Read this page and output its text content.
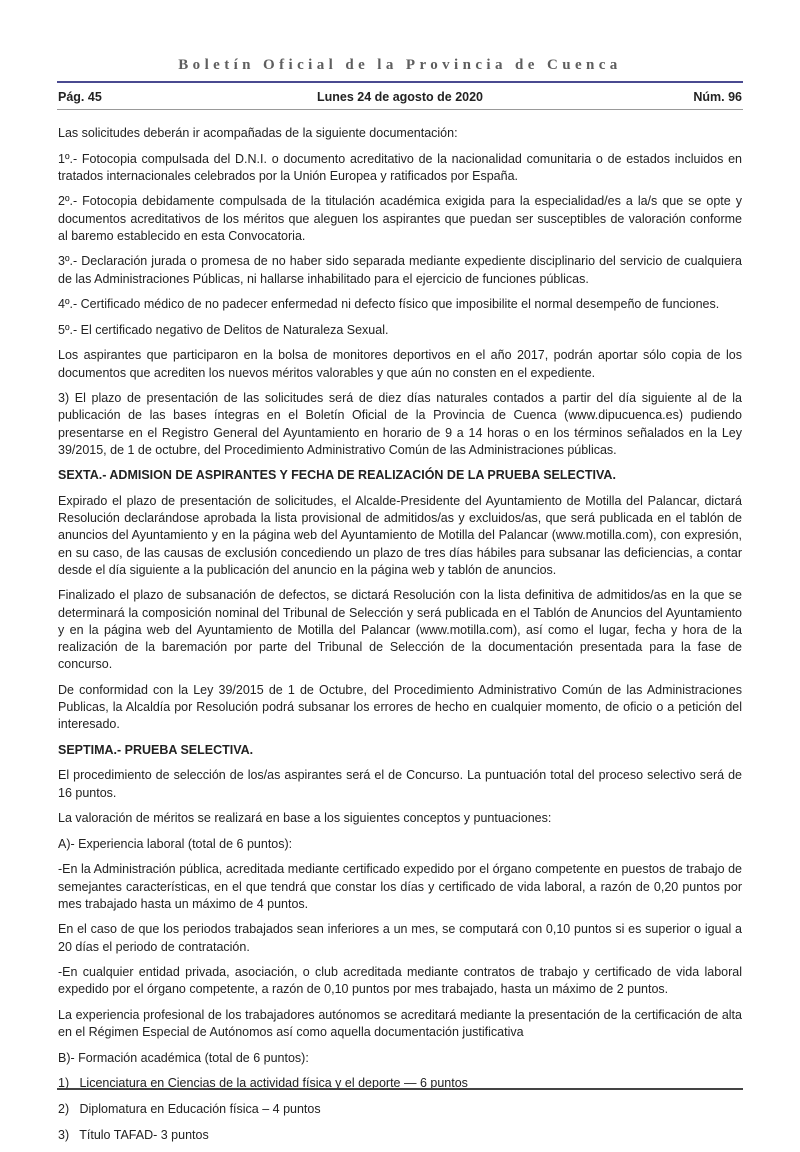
Boletín Oficial de la Provincia de Cuenca
Pág. 45	Lunes 24 de agosto de 2020	Núm. 96

Las solicitudes deberán ir acompañadas de la siguiente documentación:

1º.- Fotocopia compulsada del D.N.I. o documento acreditativo de la nacionalidad comunitaria o de estados incluidos en tratados internacionales celebrados por la Unión Europea y ratificados por España.

2º.- Fotocopia debidamente compulsada de la titulación académica exigida para la especialidad/es a la/s que se opte y documentos acreditativos de los méritos que aleguen los aspirantes que puedan ser susceptibles de valoración conforme al baremo establecido en esta Convocatoria.

3º.- Declaración jurada o promesa de no haber sido separada mediante expediente disciplinario del servicio de cualquiera de las Administraciones Públicas, ni hallarse inhabilitado para el ejercicio de funciones públicas.

4º.- Certificado médico de no padecer enfermedad ni defecto físico que imposibilite el normal desempeño de funciones.

5º.- El certificado negativo de Delitos de Naturaleza Sexual.

Los aspirantes que participaron en la bolsa de monitores deportivos en el año 2017, podrán aportar sólo copia de los documentos que acrediten los nuevos méritos valorables y que aún no consten en el expediente.

3) El plazo de presentación de las solicitudes será de diez días naturales contados a partir del día siguiente al de la publicación de las bases íntegras en el Boletín Oficial de la Provincia de Cuenca (www.dipucuenca.es) pudiendo presentarse en el Registro General del Ayuntamiento en horario de 9 a 14 horas o en los términos señalados en la Ley 39/2015, de 1 de octubre, del Procedimiento Administrativo Común de las Administraciones públicas.

SEXTA.- ADMISION DE ASPIRANTES Y FECHA DE REALIZACIÓN DE LA PRUEBA SELECTIVA.

Expirado el plazo de presentación de solicitudes, el Alcalde-Presidente del Ayuntamiento de Motilla del Palancar, dictará Resolución declarándose aprobada la lista provisional de admitidos/as y excluidos/as, que será publicada en el tablón de anuncios del Ayuntamiento y en la página web del Ayuntamiento de Motilla del Palancar (www.motilla.com), con expresión, en su caso, de las causas de exclusión concediendo un plazo de tres días hábiles para subsanar las deficiencias, a contar desde el día siguiente a la publicación del anuncio en la página web y tablón de anuncios.

Finalizado el plazo de subsanación de defectos, se dictará Resolución con la lista definitiva de admitidos/as en la que se determinará la composición nominal del Tribunal de Selección y será publicada en el Tablón de Anuncios del Ayuntamiento y en la página web del Ayuntamiento de Motilla del Palancar (www.motilla.com), así como el lugar, fecha y hora de la realización de la baremación por parte del Tribunal de Selección de la documentación presentada para la fase de concurso.

De conformidad con la Ley 39/2015 de 1 de Octubre, del Procedimiento Administrativo Común de las Administraciones Publicas, la Alcaldía por Resolución podrá subsanar los errores de hecho en cualquier momento, de oficio o a petición del interesado.

SEPTIMA.- PRUEBA SELECTIVA.

El procedimiento de selección de los/as aspirantes será el de Concurso. La puntuación total del proceso selectivo será de 16 puntos.

La valoración de méritos se realizará en base a los siguientes conceptos y puntuaciones:

A)- Experiencia laboral (total de 6 puntos):

-En la Administración pública, acreditada mediante certificado expedido por el órgano competente en puestos de trabajo de semejantes características, en el que tendrá que constar los días y certificado de vida laboral, a razón de 0,20 puntos por mes trabajado hasta un máximo de 4 puntos.

En el caso de que los periodos trabajados sean inferiores a un mes, se computará con 0,10 puntos si es superior o igual a 20 días el periodo de contratación.

-En cualquier entidad privada, asociación, o club acreditada mediante contratos de trabajo y certificado de vida laboral expedido por el órgano competente, a razón de 0,10 puntos por mes trabajado, hasta un máximo de 2 puntos.

La experiencia profesional de los trabajadores autónomos se acreditará mediante la presentación de la certificación de alta en el Régimen Especial de Autónomos así como aquella documentación justificativa

B)- Formación académica (total de 6 puntos):

1) Licenciatura en Ciencias de la actividad física y el deporte — 6 puntos

2) Diplomatura en Educación física – 4 puntos

3) Título TAFAD- 3 puntos
